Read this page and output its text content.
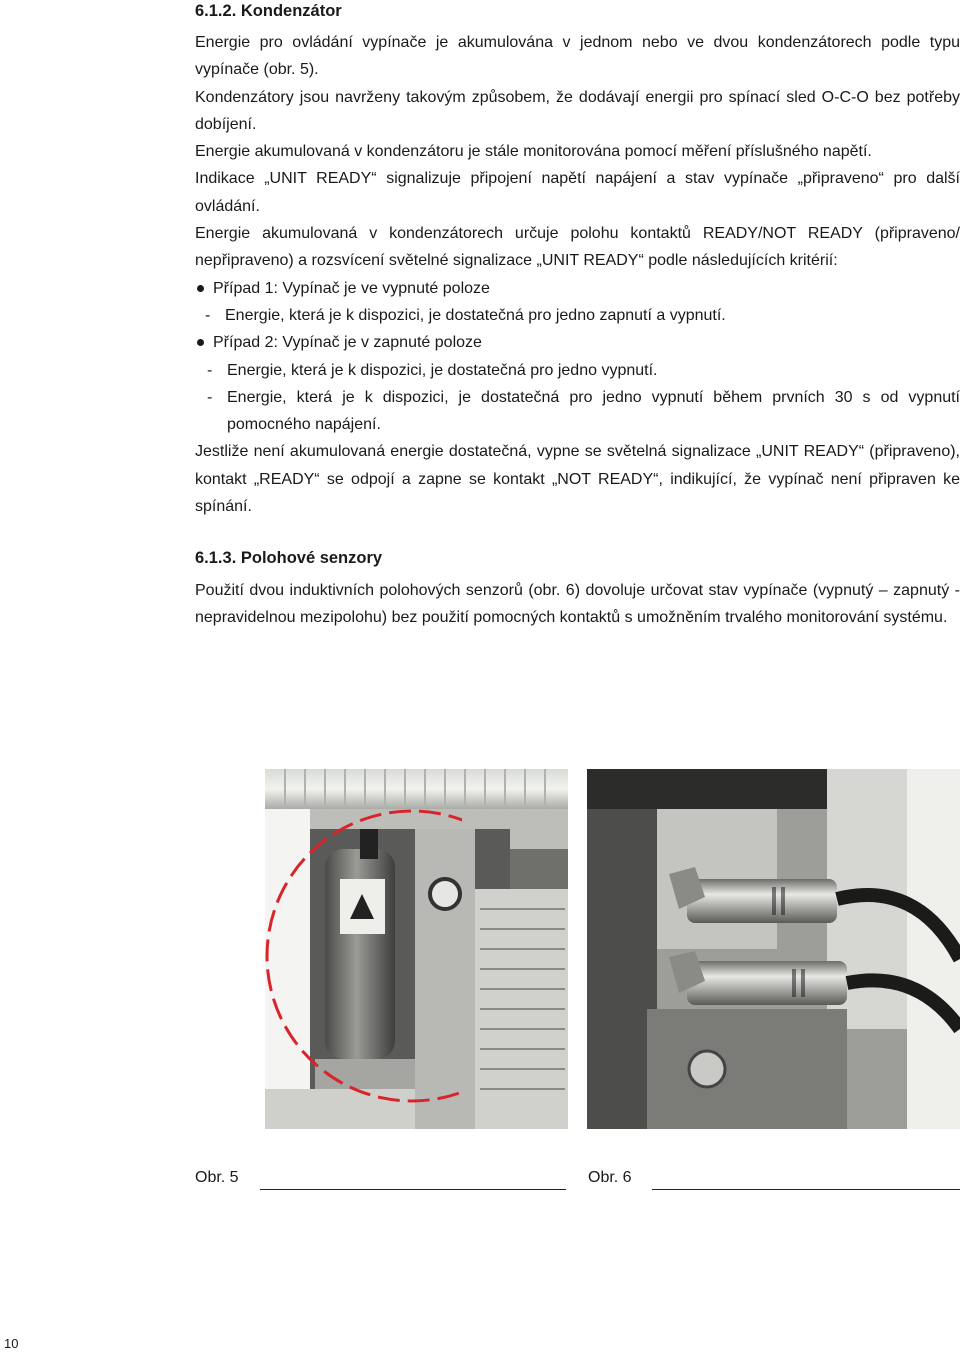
6.1.2. Kondenzátor

Energie pro ovládání vypínače je akumulována v jednom nebo ve dvou kondenzátorech podle typu vypínače (obr. 5).

Kondenzátory jsou navrženy takovým způsobem, že dodávají energii pro spínací sled O-C-O bez potřeby dobíjení.

Energie akumulovaná v kondenzátoru je stále monitorována pomocí měření příslušného napětí.

Indikace „UNIT READY“ signalizuje připojení napětí napájení a stav vypínače „připraveno“ pro další ovládání.

Energie akumulovaná v kondenzátorech určuje polohu kontaktů READY/NOT READY (připraveno/ nepřipraveno) a rozsvícení světelné signalizace „UNIT READY“ podle následujících kritérií:

Případ 1: Vypínač je ve vypnuté poloze

- Energie, která je k dispozici, je dostatečná pro jedno zapnutí a vypnutí.

Případ 2: Vypínač je v zapnuté poloze

- Energie, která je k dispozici, je dostatečná pro jedno vypnutí.

- Energie, která je k dispozici, je dostatečná pro jedno vypnutí během prvních 30 s od vypnutí pomocného napájení.

Jestliže není akumulovaná energie dostatečná, vypne se světelná signalizace „UNIT READY“ (připraveno), kontakt „READY“ se odpojí a zapne se kontakt „NOT READY“, indikující, že vypínač není připraven ke spínání.

6.1.3. Polohové senzory

Použití dvou induktivních polohových senzorů (obr. 6) dovoluje určovat stav vypínače (vypnutý – zapnutý - nepravidelnou mezipolohu) bez použití pomocných kontaktů s umožněním trvalého monitorování systému.

Obr. 5	Obr. 6
10
